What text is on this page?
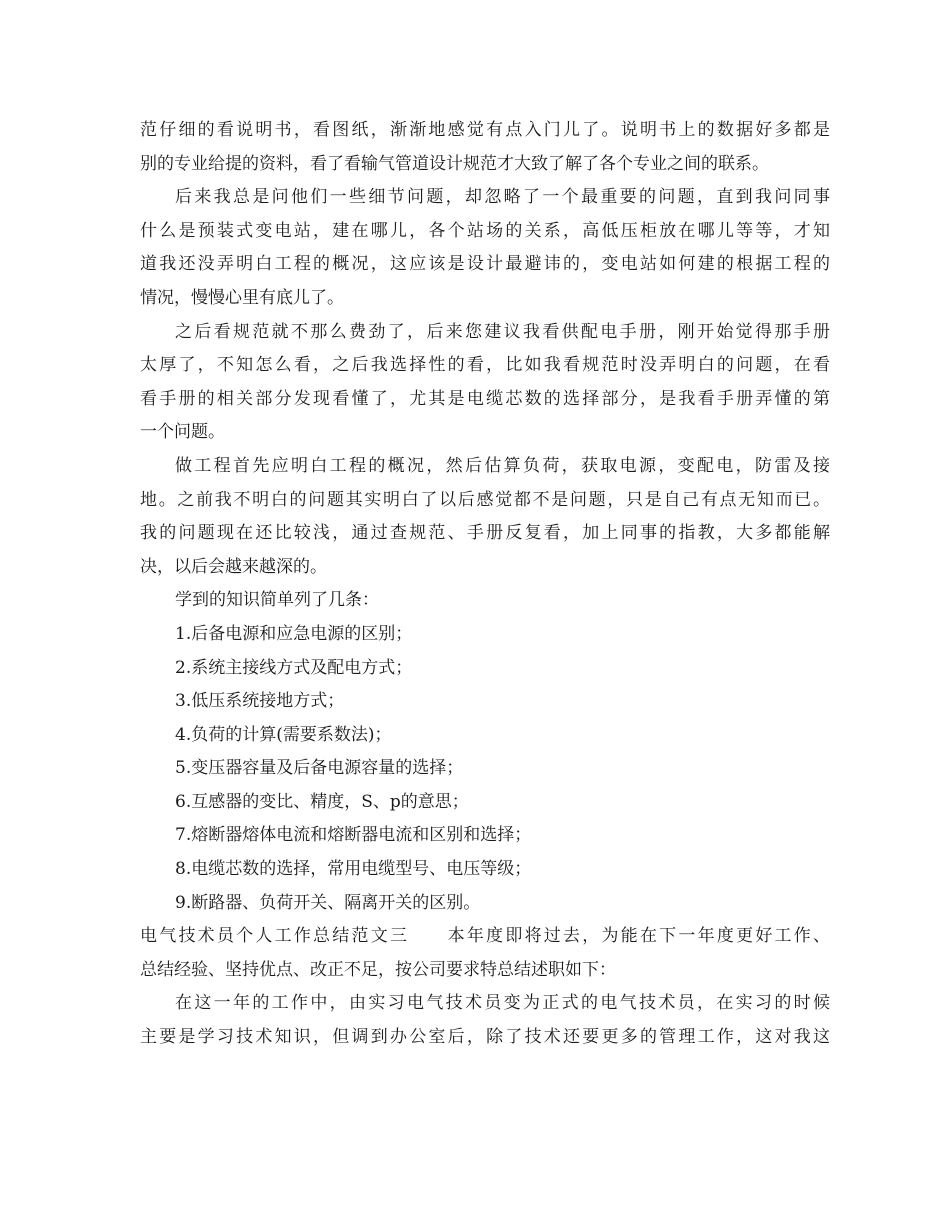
范仔细的看说明书，看图纸，渐渐地感觉有点入门儿了。说明书上的数据好多都是
别的专业给提的资料，看了看输气管道设计规范才大致了解了各个专业之间的联系。
后来我总是问他们一些细节问题，却忽略了一个最重要的问题，直到我问同事
什么是预装式变电站，建在哪儿，各个站场的关系，高低压柜放在哪儿等等，才知
道我还没弄明白工程的概况，这应该是设计最避讳的，变电站如何建的根据工程的
情况，慢慢心里有底儿了。
之后看规范就不那么费劲了，后来您建议我看供配电手册，刚开始觉得那手册
太厚了，不知怎么看，之后我选择性的看，比如我看规范时没弄明白的问题，在看
看手册的相关部分发现看懂了，尤其是电缆芯数的选择部分，是我看手册弄懂的第
一个问题。
做工程首先应明白工程的概况，然后估算负荷，获取电源，变配电，防雷及接
地。之前我不明白的问题其实明白了以后感觉都不是问题，只是自己有点无知而已。
我的问题现在还比较浅，通过查规范、手册反复看，加上同事的指教，大多都能解
决，以后会越来越深的。
学到的知识简单列了几条：
1.后备电源和应急电源的区别；
2.系统主接线方式及配电方式；
3.低压系统接地方式；
4.负荷的计算(需要系数法)；
5.变压器容量及后备电源容量的选择；
6.互感器的变比、精度，S、p的意思；
7.熔断器熔体电流和熔断器电流和区别和选择；
8.电缆芯数的选择，常用电缆型号、电压等级；
9.断路器、负荷开关、隔离开关的区别。
电气技术员个人工作总结范文三　　本年度即将过去，为能在下一年度更好工作、
总结经验、坚持优点、改正不足，按公司要求特总结述职如下：
在这一年的工作中，由实习电气技术员变为正式的电气技术员，在实习的时候
主要是学习技术知识，但调到办公室后，除了技术还要更多的管理工作，这对我这
